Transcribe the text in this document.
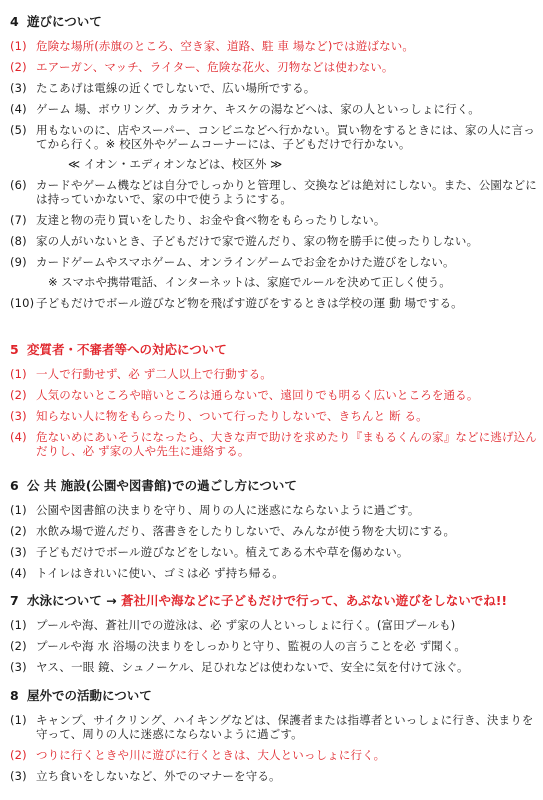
4 遊びについて
(1) 危険な場所(赤旗のところ、空き家、道路、駐 車 場など)では遊ばない。
(2) エアーガン、マッチ、ライター、危険な花火、刃物などは使わない。
(3) たこあげは電線の近くでしないで、広い場所でする。
(4) ゲーム 場、ボウリング、カラオケ、キスケの湯などへは、家の人といっしょに行く。
(5) 用もないのに、店やスーパー、コンビニなどへ行かない。買い物をするときには、家の人に言ってから行く。※ 校区外やゲームコーナーには、子どもだけで行かない。
≪ イオン・エディオンなどは、校区外 ≫
(6) カードやゲーム機などは自分でしっかりと管理し、交換などは絶対にしない。また、公園などには持っていかないで、家の中で使うようにする。
(7) 友達と物の売り買いをしたり、お金や食べ物をもらったりしない。
(8) 家の人がいないとき、子どもだけで家で遊んだり、家の物を勝手に使ったりしない。
(9) カードゲームやスマホゲーム、オンラインゲームでお金をかけた遊びをしない。
※ スマホや携帯電話、インターネットは、家庭でルールを決めて正しく使う。
(10) 子どもだけでボール遊びなど物を飛ばす遊びをするときは学校の運 動 場でする。
5 変質者・不審者等への対応について
(1) 一人で行動せず、必 ず二人以上で行動する。
(2) 人気のないところや暗いところは通らないで、遠回りでも明るく広いところを通る。
(3) 知らない人に物をもらったり、ついて行ったりしないで、きちんと 断 る。
(4) 危ないめにあいそうになったら、大きな声で助けを求めたり『まもるくんの家』などに逃げ込んだりし、必 ず家の人や先生に連絡する。
6 公 共 施設(公園や図書館)での過ごし方について
(1) 公園や図書館の決まりを守り、周りの人に迷惑にならないように過ごす。
(2) 水飲み場で遊んだり、落書きをしたりしないで、みんなが使う物を大切にする。
(3) 子どもだけでボール遊びなどをしない。植えてある木や草を傷めない。
(4) トイレはきれいに使い、ゴミは必 ず持ち帰る。
7 水泳について → 蒼社川や海などに子どもだけで行って、あぶない遊びをしないでね!!
(1) プールや海、蒼社川での遊泳は、必 ず家の人といっしょに行く。(富田プールも)
(2) プールや海 水 浴場の決まりをしっかりと守り、監視の人の言うことを必 ず聞く。
(3) ヤス、一眼 鏡、シュノーケル、足ひれなどは使わないで、安全に気を付けて泳ぐ。
8 屋外での活動について
(1) キャンプ、サイクリング、ハイキングなどは、保護者または指導者といっしょに行き、決まりを守って、周りの人に迷惑にならないように過ごす。
(2) つりに行くときや川に遊びに行くときは、大人といっしょに行く。
(3) 立ち食いをしないなど、外でのマナーを守る。
